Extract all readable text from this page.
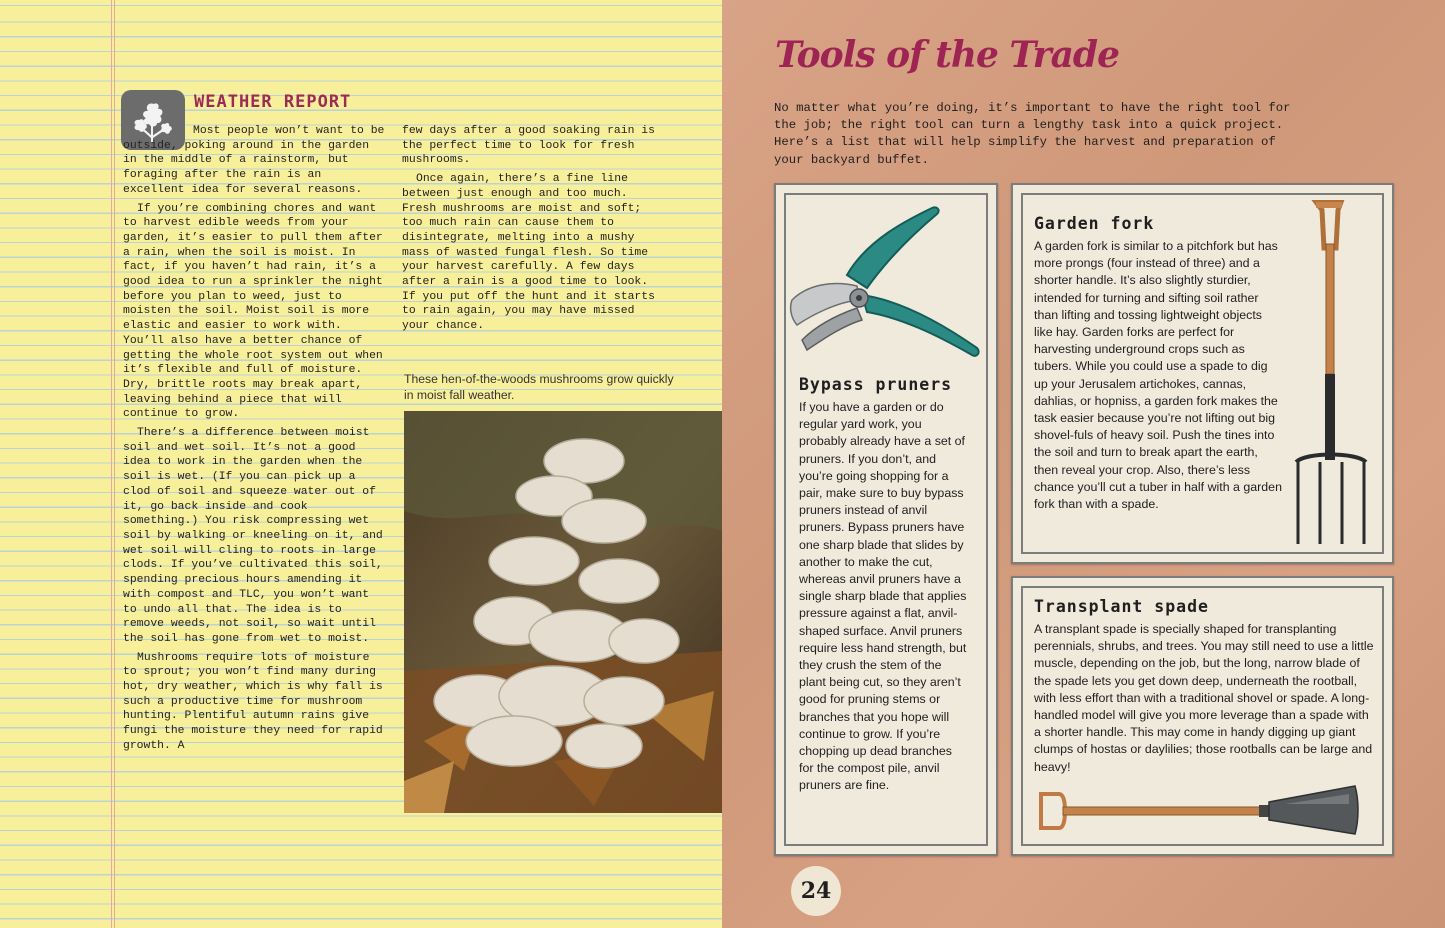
WEATHER REPORT

Most people won’t want to be outside, poking around in the garden in the middle of a rainstorm, but foraging after the rain is an excellent idea for several reasons.

If you’re combining chores and want to harvest edible weeds from your garden, it’s easier to pull them after a rain, when the soil is moist. In fact, if you haven’t had rain, it’s a good idea to run a sprinkler the night before you plan to weed, just to moisten the soil. Moist soil is more elastic and easier to work with. You’ll also have a better chance of getting the whole root system out when it’s flexible and full of moisture. Dry, brittle roots may break apart, leaving behind a piece that will continue to grow.

There’s a difference between moist soil and wet soil. It’s not a good idea to work in the garden when the soil is wet. (If you can pick up a clod of soil and squeeze water out of it, go back inside and cook something.) You risk compressing wet soil by walking or kneeling on it, and wet soil will cling to roots in large clods. If you’ve cultivated this soil, spending precious hours amending it with compost and TLC, you won’t want to undo all that. The idea is to remove weeds, not soil, so wait until the soil has gone from wet to moist.

Mushrooms require lots of moisture to sprout; you won’t find many during hot, dry weather, which is why fall is such a productive time for mushroom hunting. Plentiful autumn rains give fungi the moisture they need for rapid growth. A

few days after a good soaking rain is the perfect time to look for fresh mushrooms.

Once again, there’s a fine line between just enough and too much. Fresh mushrooms are moist and soft; too much rain can cause them to disintegrate, melting into a mushy mass of wasted fungal flesh. So time your harvest carefully. A few days after a rain is a good time to look. If you put off the hunt and it starts to rain again, you may have missed your chance.

These hen-of-the-woods mushrooms grow quickly in moist fall weather.
Tools of the Trade
No matter what you’re doing, it’s important to have the right tool for the job; the right tool can turn a lengthy task into a quick project. Here’s a list that will help simplify the harvest and preparation of your backyard buffet.
Bypass pruners
If you have a garden or do regular yard work, you probably already have a set of pruners. If you don’t, and you’re going shopping for a pair, make sure to buy bypass pruners instead of anvil pruners. Bypass pruners have one sharp blade that slides by another to make the cut, whereas anvil pruners have a single sharp blade that applies pressure against a flat, anvil-shaped surface. Anvil pruners require less hand strength, but they crush the stem of the plant being cut, so they aren’t good for pruning stems or branches that you hope will continue to grow. If you’re chopping up dead branches for the compost pile, anvil pruners are fine.
Garden fork
A garden fork is similar to a pitchfork but has more prongs (four instead of three) and a shorter handle. It’s also slightly sturdier, intended for turning and sifting soil rather than lifting and tossing lightweight objects like hay. Garden forks are perfect for harvesting underground crops such as tubers. While you could use a spade to dig up your Jerusalem artichokes, cannas, dahlias, or hopniss, a garden fork makes the task easier because you’re not lifting out big shovel-fuls of heavy soil. Push the tines into the soil and turn to break apart the earth, then reveal your crop. Also, there’s less chance you’ll cut a tuber in half with a garden fork than with a spade.
Transplant spade
A transplant spade is specially shaped for transplanting perennials, shrubs, and trees. You may still need to use a little muscle, depending on the job, but the long, narrow blade of the spade lets you get down deep, underneath the rootball, with less effort than with a traditional shovel or spade. A long-handled model will give you more leverage than a spade with a shorter handle. This may come in handy digging up giant clumps of hostas or daylilies; those rootballs can be large and heavy!
24
